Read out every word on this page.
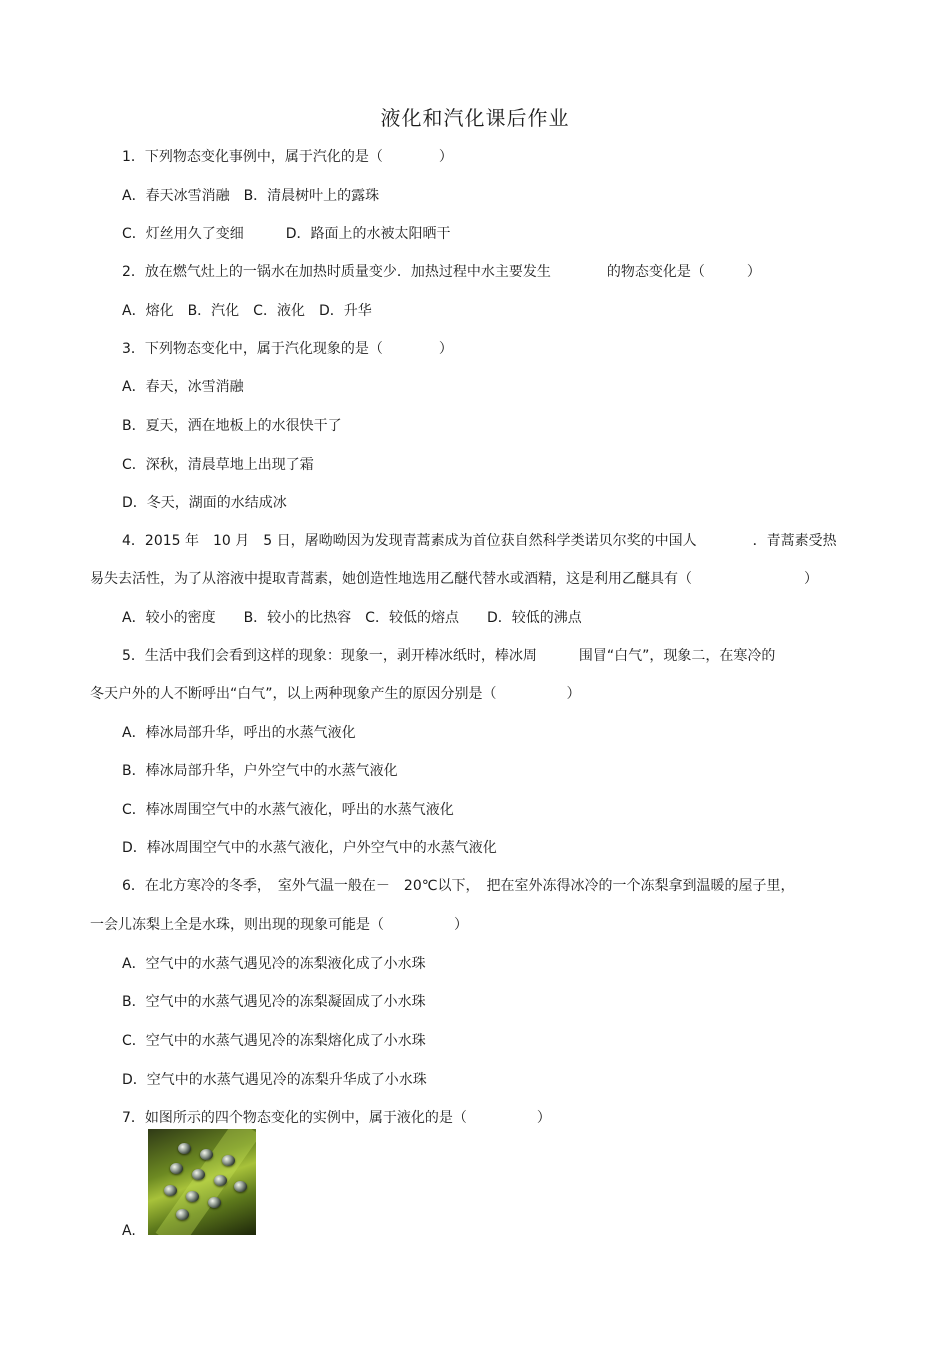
液化和汽化课后作业
1．下列物态变化事例中，属于汽化的是（　　　　）
A．春天冰雪消融　B．清晨树叶上的露珠
C．灯丝用久了变细　　　D．路面上的水被太阳晒干
2．放在燃气灶上的一锅水在加热时质量变少．加热过程中水主要发生　　　　的物态变化是（　　　）
A．熔化　B．汽化　C．液化　D．升华
3．下列物态变化中，属于汽化现象的是（　　　　）
A．春天，冰雪消融
B．夏天，洒在地板上的水很快干了
C．深秋，清晨草地上出现了霜
D．冬天，湖面的水结成冰
4．2015 年　10 月　5 日，屠呦呦因为发现青蒿素成为首位获自然科学类诺贝尔奖的中国人　　　　．青蒿素受热
易失去活性，为了从溶液中提取青蒿素，她创造性地选用乙醚代替水或酒精，这是利用乙醚具有（　　　　　　　　）
A．较小的密度　　B．较小的比热容　C．较低的熔点　　D．较低的沸点
5．生活中我们会看到这样的现象：现象一，剥开棒冰纸时，棒冰周　　　围冒“白气”，现象二，在寒冷的
冬天户外的人不断呼出“白气”，以上两种现象产生的原因分别是（　　　　　）
A．棒冰局部升华，呼出的水蒸气液化
B．棒冰局部升华，户外空气中的水蒸气液化
C．棒冰周围空气中的水蒸气液化，呼出的水蒸气液化
D．棒冰周围空气中的水蒸气液化，户外空气中的水蒸气液化
6．在北方寒冷的冬季，　室外气温一般在－　20℃以下，　把在室外冻得冰冷的一个冻梨拿到温暖的屋子里，
一会儿冻梨上全是水珠，则出现的现象可能是（　　　　　）
A．空气中的水蒸气遇见冷的冻梨液化成了小水珠
B．空气中的水蒸气遇见冷的冻梨凝固成了小水珠
C．空气中的水蒸气遇见冷的冻梨熔化成了小水珠
D．空气中的水蒸气遇见冷的冻梨升华成了小水珠
7．如图所示的四个物态变化的实例中，属于液化的是（　　　　　）
A.
